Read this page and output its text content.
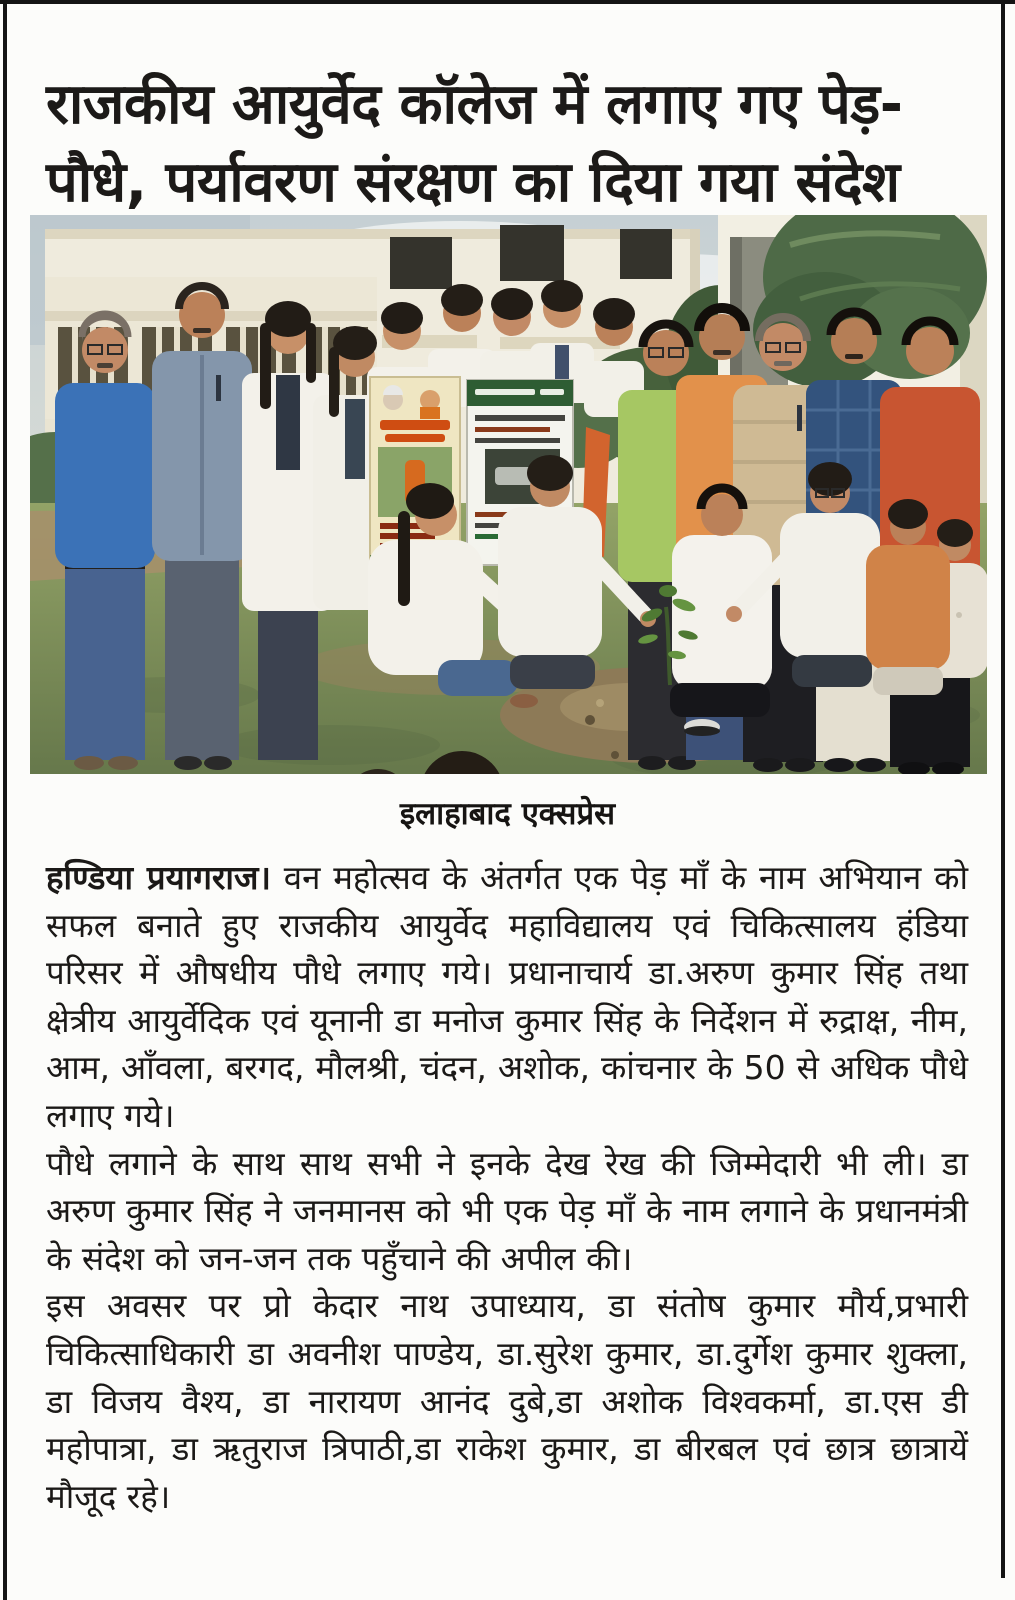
राजकीय आयुर्वेद कॉलेज में लगाए गए पेड़-
पौधे, पर्यावरण संरक्षण का दिया गया संदेश
इलाहाबाद एक्सप्रेस

हण्डिया प्रयागराज। वन महोत्सव के अंतर्गत एक पेड़ माँ के नाम अभियान को सफल बनाते हुए राजकीय आयुर्वेद महाविद्यालय एवं चिकित्सालय हंडिया परिसर में औषधीय पौधे लगाए गये। प्रधानाचार्य डा.अरुण कुमार सिंह तथा क्षेत्रीय आयुर्वेदिक एवं यूनानी डा मनोज कुमार सिंह के निर्देशन में रुद्राक्ष, नीम, आम, आँवला, बरगद, मौलश्री, चंदन, अशोक, कांचनार के 50 से अधिक पौधे लगाए गये।

पौधे लगाने के साथ साथ सभी ने इनके देख रेख की जिम्मेदारी भी ली। डा अरुण कुमार सिंह ने जनमानस को भी एक पेड़ माँ के नाम लगाने के प्रधानमंत्री के संदेश को जन-जन तक पहुँचाने की अपील की।

इस अवसर पर प्रो केदार नाथ उपाध्याय, डा संतोष कुमार मौर्य,प्रभारी चिकित्साधिकारी डा अवनीश पाण्डेय, डा.सुरेश कुमार, डा.दुर्गेश कुमार शुक्ला, डा विजय वैश्य, डा नारायण आनंद दुबे,डा अशोक विश्वकर्मा, डा.एस डी महोपात्रा, डा ऋतुराज त्रिपाठी,डा राकेश कुमार, डा बीरबल एवं छात्र छात्रायें मौजूद रहे।
